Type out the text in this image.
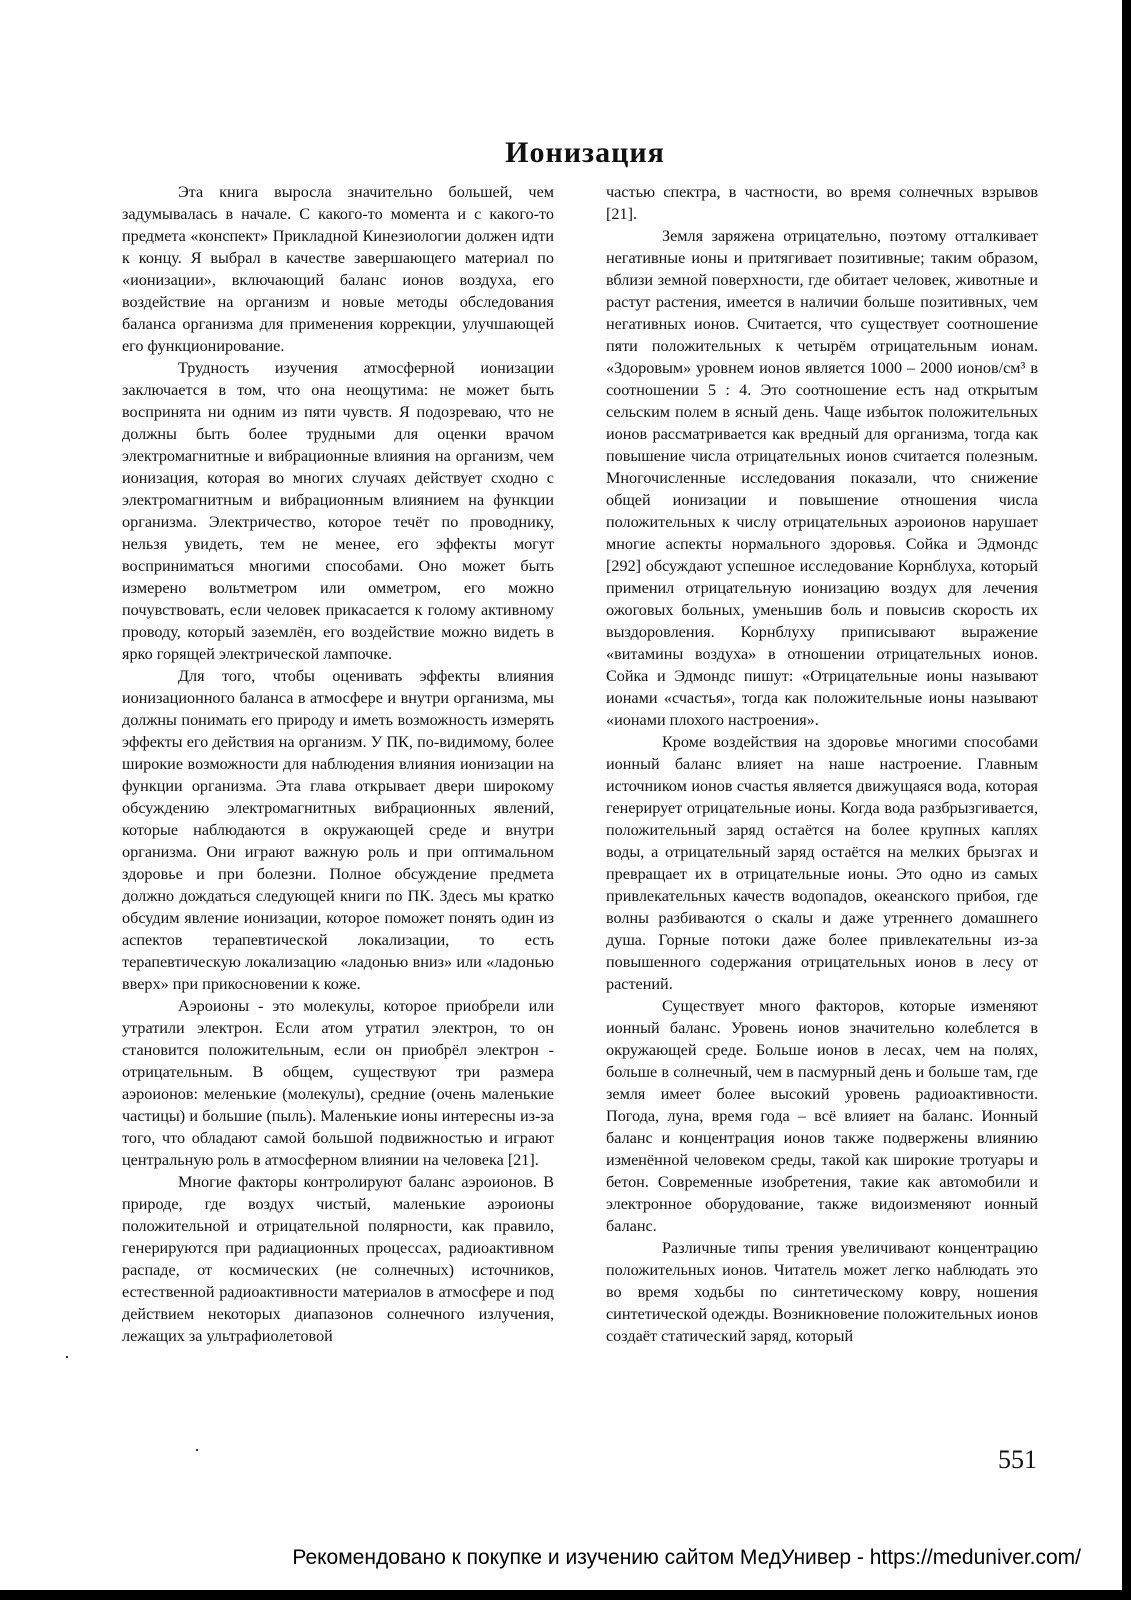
Ионизация

Эта книга выросла значительно большей, чем задумывалась в начале. С какого-то момента и с какого-то предмета «конспект» Прикладной Кинезиологии должен идти к концу. Я выбрал в качестве завершающего материал по «ионизации», включающий баланс ионов воздуха, его воздействие на организм и новые методы обследования баланса организма для применения коррекции, улучшающей его функционирование.

Трудность изучения атмосферной ионизации заключается в том, что она неощутима: не может быть воспринята ни одним из пяти чувств. Я подозреваю, что не должны быть более трудными для оценки врачом электромагнитные и вибрационные влияния на организм, чем ионизация, которая во многих случаях действует сходно с электромагнитным и вибрационным влиянием на функции организма. Электричество, которое течёт по проводнику, нельзя увидеть, тем не менее, его эффекты могут восприниматься многими способами. Оно может быть измерено вольтметром или омметром, его можно почувствовать, если человек прикасается к голому активному проводу, который заземлён, его воздействие можно видеть в ярко горящей электрической лампочке.

Для того, чтобы оценивать эффекты влияния ионизационного баланса в атмосфере и внутри организма, мы должны понимать его природу и иметь возможность измерять эффекты его действия на организм. У ПК, по-видимому, более широкие возможности для наблюдения влияния ионизации на функции организма. Эта глава открывает двери широкому обсуждению электромагнитных вибрационных явлений, которые наблюдаются в окружающей среде и внутри организма. Они играют важную роль и при оптимальном здоровье и при болезни. Полное обсуждение предмета должно дождаться следующей книги по ПК. Здесь мы кратко обсудим явление ионизации, которое поможет понять один из аспектов терапевтической локализации, то есть терапевтическую локализацию «ладонью вниз» или «ладонью вверх» при прикосновении к коже.

Аэроионы - это молекулы, которое приобрели или утратили электрон. Если атом утратил электрон, то он становится положительным, если он приобрёл электрон - отрицательным. В общем, существуют три размера аэроионов: меленькие (молекулы), средние (очень маленькие частицы) и большие (пыль). Маленькие ионы интересны из-за того, что обладают самой большой подвижностью и играют центральную роль в атмосферном влиянии на человека [21].

Многие факторы контролируют баланс аэроионов. В природе, где воздух чистый, маленькие аэроионы положительной и отрицательной полярности, как правило, генерируются при радиационных процессах, радиоактивном распаде, от космических (не солнечных) источников, естественной радиоактивности материалов в атмосфере и под действием некоторых диапазонов солнечного излучения, лежащих за ультрафиолетовой

частью спектра, в частности, во время солнечных взрывов [21].

Земля заряжена отрицательно, поэтому отталкивает негативные ионы и притягивает позитивные; таким образом, вблизи земной поверхности, где обитает человек, животные и растут растения, имеется в наличии больше позитивных, чем негативных ионов. Считается, что существует соотношение пяти положительных к четырём отрицательным ионам. «Здоровым» уровнем ионов является 1000 – 2000 ионов/см³ в соотношении 5 : 4. Это соотношение есть над открытым сельским полем в ясный день. Чаще избыток положительных ионов рассматривается как вредный для организма, тогда как повышение числа отрицательных ионов считается полезным. Многочисленные исследования показали, что снижение общей ионизации и повышение отношения числа положительных к числу отрицательных аэроионов нарушает многие аспекты нормального здоровья. Сойка и Эдмондс [292] обсуждают успешное исследование Корнблуха, который применил отрицательную ионизацию воздух для лечения ожоговых больных, уменьшив боль и повысив скорость их выздоровления. Корнблуху приписывают выражение «витамины воздуха» в отношении отрицательных ионов. Сойка и Эдмондс пишут: «Отрицательные ионы называют ионами «счастья», тогда как положительные ионы называют «ионами плохого настроения».

Кроме воздействия на здоровье многими способами ионный баланс влияет на наше настроение. Главным источником ионов счастья является движущаяся вода, которая генерирует отрицательные ионы. Когда вода разбрызгивается, положительный заряд остаётся на более крупных каплях воды, а отрицательный заряд остаётся на мелких брызгах и превращает их в отрицательные ионы. Это одно из самых привлекательных качеств водопадов, океанского прибоя, где волны разбиваются о скалы и даже утреннего домашнего душа. Горные потоки даже более привлекательны из-за повышенного содержания отрицательных ионов в лесу от растений.

Существует много факторов, которые изменяют ионный баланс. Уровень ионов значительно колеблется в окружающей среде. Больше ионов в лесах, чем на полях, больше в солнечный, чем в пасмурный день и больше там, где земля имеет более высокий уровень радиоактивности. Погода, луна, время года – всё влияет на баланс. Ионный баланс и концентрация ионов также подвержены влиянию изменённой человеком среды, такой как широкие тротуары и бетон. Современные изобретения, такие как автомобили и электронное оборудование, также видоизменяют ионный баланс.

Различные типы трения увеличивают концентрацию положительных ионов. Читатель может легко наблюдать это во время ходьбы по синтетическому ковру, ношения синтетической одежды. Возникновение положительных ионов создаёт статический заряд, который

551
Рекомендовано к покупке и изучению сайтом МедУнивер - https://meduniver.com/
